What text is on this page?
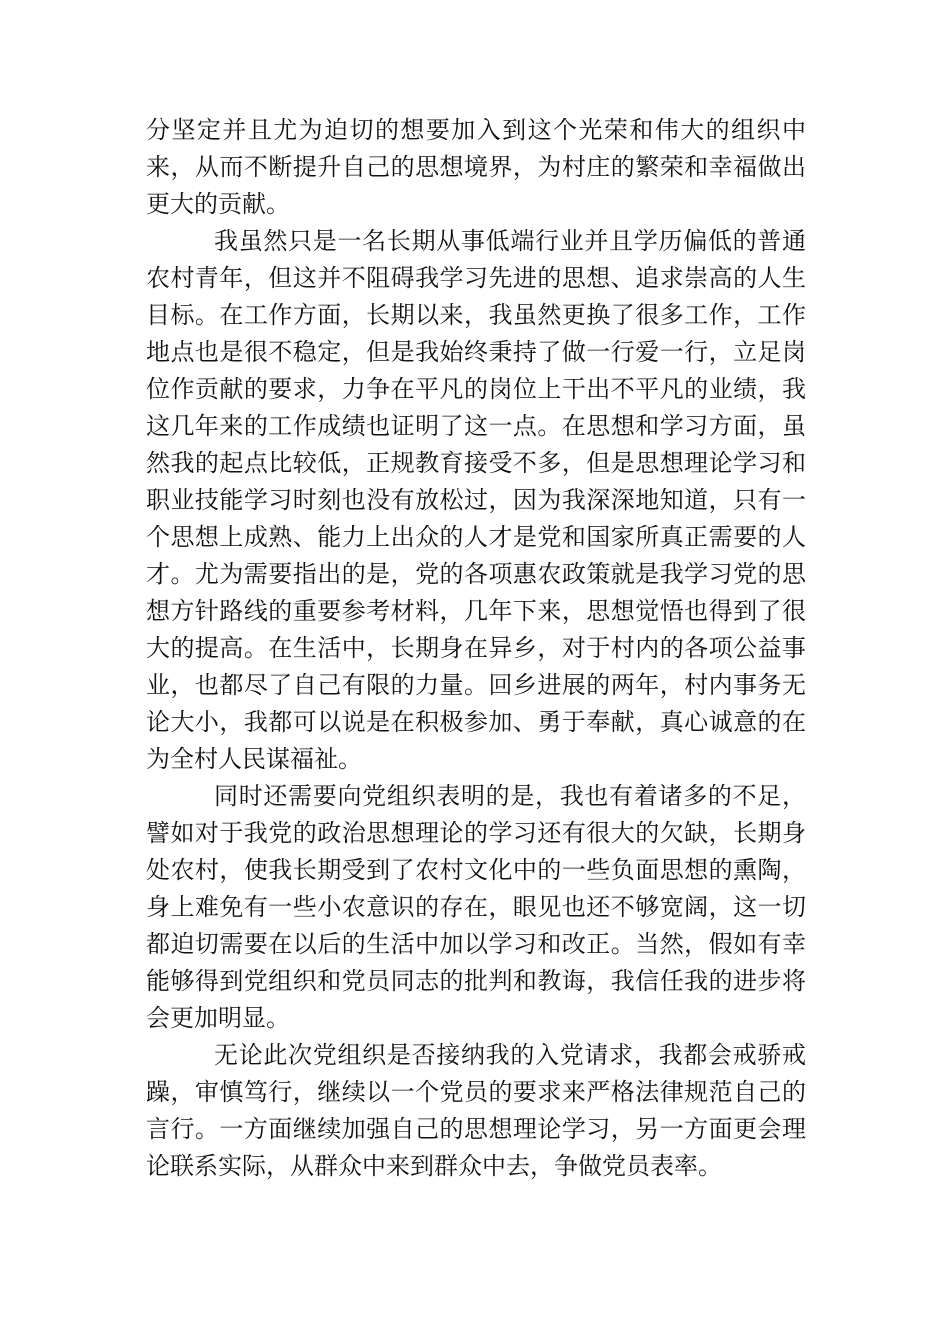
分坚定并且尤为迫切的想要加入到这个光荣和伟大的组织中来，从而不断提升自己的思想境界，为村庄的繁荣和幸福做出更大的贡献。

我虽然只是一名长期从事低端行业并且学历偏低的普通农村青年，但这并不阻碍我学习先进的思想、追求崇高的人生目标。在工作方面，长期以来，我虽然更换了很多工作，工作地点也是很不稳定，但是我始终秉持了做一行爱一行，立足岗位作贡献的要求，力争在平凡的岗位上干出不平凡的业绩，我这几年来的工作成绩也证明了这一点。在思想和学习方面，虽然我的起点比较低，正规教育接受不多，但是思想理论学习和职业技能学习时刻也没有放松过，因为我深深地知道，只有一个思想上成熟、能力上出众的人才是党和国家所真正需要的人才。尤为需要指出的是，党的各项惠农政策就是我学习党的思想方针路线的重要参考材料，几年下来，思想觉悟也得到了很大的提高。在生活中，长期身在异乡，对于村内的各项公益事业，也都尽了自己有限的力量。回乡进展的两年，村内事务无论大小，我都可以说是在积极参加、勇于奉献，真心诚意的在为全村人民谋福祉。

同时还需要向党组织表明的是，我也有着诸多的不足，譬如对于我党的政治思想理论的学习还有很大的欠缺，长期身处农村，使我长期受到了农村文化中的一些负面思想的熏陶，身上难免有一些小农意识的存在，眼见也还不够宽阔，这一切都迫切需要在以后的生活中加以学习和改正。当然，假如有幸能够得到党组织和党员同志的批判和教诲，我信任我的进步将会更加明显。

无论此次党组织是否接纳我的入党请求，我都会戒骄戒躁，审慎笃行，继续以一个党员的要求来严格法律规范自己的言行。一方面继续加强自己的思想理论学习，另一方面更会理论联系实际，从群众中来到群众中去，争做党员表率。
